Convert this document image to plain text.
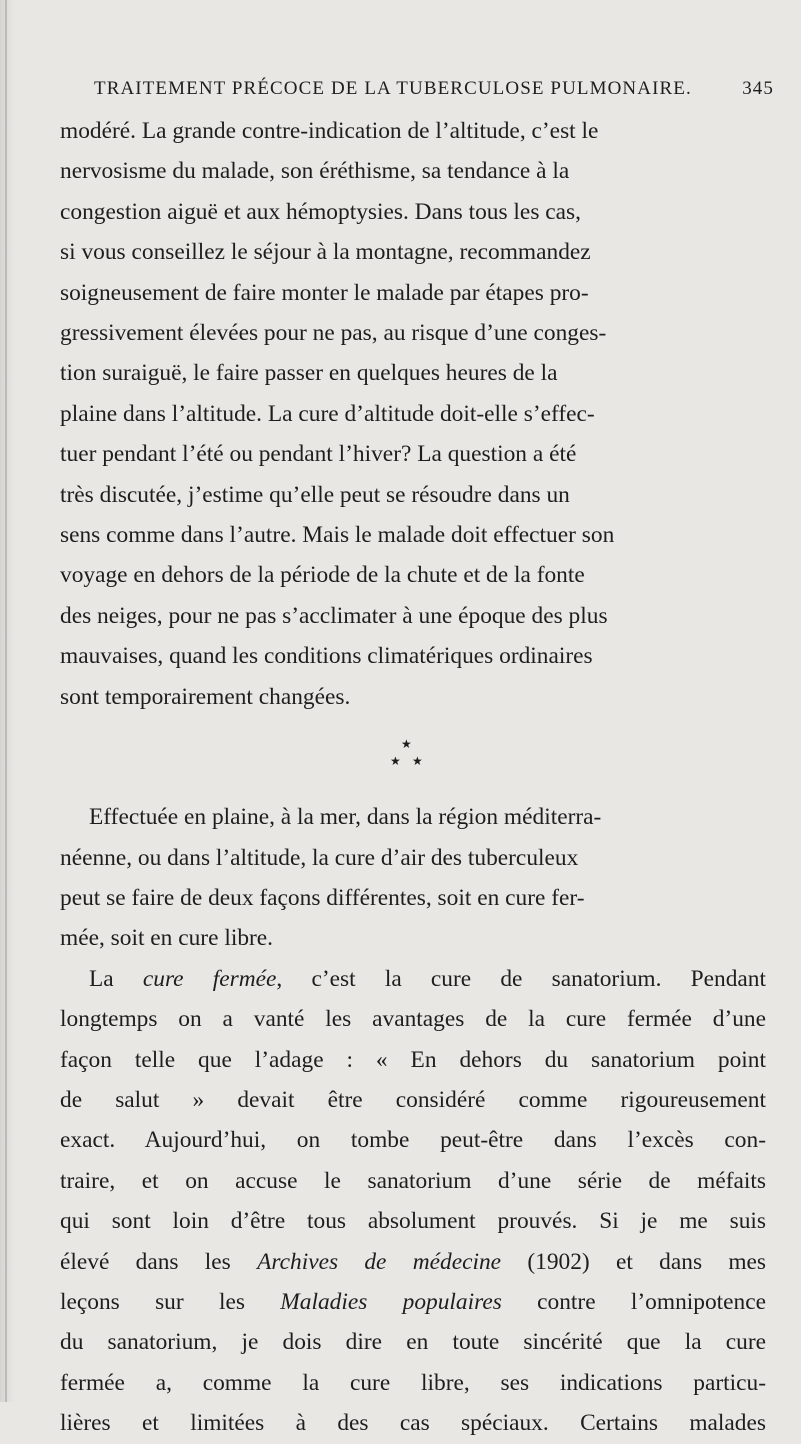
TRAITEMENT PRÉCOCE DE LA TUBERCULOSE PULMONAIRE.	345

modéré. La grande contre-indication de l’altitude, c’est le
nervosisme du malade, son éréthisme, sa tendance à la
congestion aiguë et aux hémoptysies. Dans tous les cas,
si vous conseillez le séjour à la montagne, recommandez
soigneusement de faire monter le malade par étapes pro-
gressivement élevées pour ne pas, au risque d’une conges-
tion suraiguë, le faire passer en quelques heures de la
plaine dans l’altitude. La cure d’altitude doit-elle s’effec-
tuer pendant l’été ou pendant l’hiver? La question a été
très discutée, j’estime qu’elle peut se résoudre dans un
sens comme dans l’autre. Mais le malade doit effectuer son
voyage en dehors de la période de la chute et de la fonte
des neiges, pour ne pas s’acclimater à une époque des plus
mauvaises, quand les conditions climatériques ordinaires
sont temporairement changées.

★
★ ★

Effectuée en plaine, à la mer, dans la région méditerra-
néenne, ou dans l’altitude, la cure d’air des tuberculeux
peut se faire de deux façons différentes, soit en cure fer-
mée, soit en cure libre.

La cure fermée, c’est la cure de sanatorium. Pendant
longtemps on a vanté les avantages de la cure fermée d’une
façon telle que l’adage : « En dehors du sanatorium point
de salut » devait être considéré comme rigoureusement
exact. Aujourd’hui, on tombe peut-être dans l’excès con-
traire, et on accuse le sanatorium d’une série de méfaits
qui sont loin d’être tous absolument prouvés. Si je me suis
élevé dans les Archives de médecine (1902) et dans mes
leçons sur les Maladies populaires contre l’omnipotence
du sanatorium, je dois dire en toute sincérité que la cure
fermée a, comme la cure libre, ses indications particu-
lières et limitées à des cas spéciaux. Certains malades
